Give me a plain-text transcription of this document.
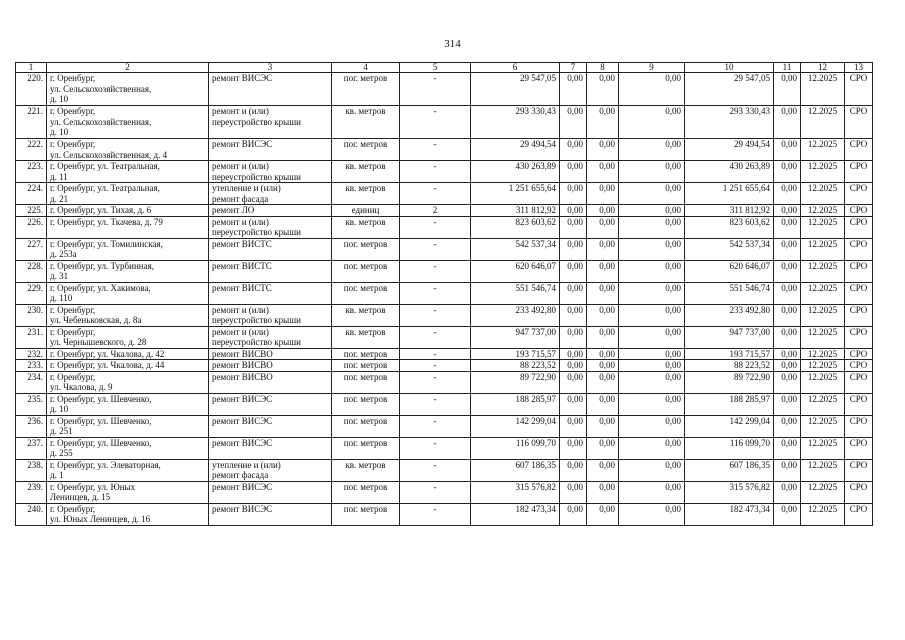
314
1	2	3	4	5	6	7	8	9	10	11	12	13
220.	г. Оренбург,
ул. Сельскохозяйственная,
д. 10	ремонт ВИСЭС	пог. метров	-	29 547,05	0,00	0,00	0,00	29 547,05	0,00	12.2025	СРО
221.	г. Оренбург,
ул. Сельскохозяйственная,
д. 10	ремонт и (или)
переустройство крыши	кв. метров	-	293 330,43	0,00	0,00	0,00	293 330,43	0,00	12.2025	СРО
222.	г. Оренбург,
ул. Сельскохозяйственная, д. 4	ремонт ВИСЭС	пог. метров	-	29 494,54	0,00	0,00	0,00	29 494,54	0,00	12.2025	СРО
223.	г. Оренбург, ул. Театральная,
д. 11	ремонт и (или)
переустройство крыши	кв. метров	-	430 263,89	0,00	0,00	0,00	430 263,89	0,00	12.2025	СРО
224.	г. Оренбург, ул. Театральная,
д. 21	утепление и (или)
ремонт фасада	кв. метров	-	1 251 655,64	0,00	0,00	0,00	1 251 655,64	0,00	12.2025	СРО
225.	г. Оренбург, ул. Тихая, д. 6	ремонт ЛО	единиц	2	311 812,92	0,00	0,00	0,00	311 812,92	0,00	12.2025	СРО
226.	г. Оренбург, ул. Ткачева, д. 79	ремонт и (или)
переустройство крыши	кв. метров	-	823 603,62	0,00	0,00	0,00	823 603,62	0,00	12.2025	СРО
227.	г. Оренбург, ул. Томилинская,
д. 253а	ремонт ВИСТС	пог. метров	-	542 537,34	0,00	0,00	0,00	542 537,34	0,00	12.2025	СРО
228.	г. Оренбург, ул. Турбинная,
д. 31	ремонт ВИСТС	пог. метров	-	620 646,07	0,00	0,00	0,00	620 646,07	0,00	12.2025	СРО
229.	г. Оренбург, ул. Хакимова,
д. 110	ремонт ВИСТС	пог. метров	-	551 546,74	0,00	0,00	0,00	551 546,74	0,00	12.2025	СРО
230.	г. Оренбург,
ул. Чебеньковская, д. 8а	ремонт и (или)
переустройство крыши	кв. метров	-	233 492,80	0,00	0,00	0,00	233 492,80	0,00	12.2025	СРО
231.	г. Оренбург,
ул. Чернышевского, д. 28	ремонт и (или)
переустройство крыши	кв. метров	-	947 737,00	0,00	0,00	0,00	947 737,00	0,00	12.2025	СРО
232.	г. Оренбург, ул. Чкалова, д. 42	ремонт ВИСВО	пог. метров	-	193 715,57	0,00	0,00	0,00	193 715,57	0,00	12.2025	СРО
233.	г. Оренбург, ул. Чкалова, д. 44	ремонт ВИСВО	пог. метров	-	88 223,52	0,00	0,00	0,00	88 223,52	0,00	12.2025	СРО
234.	г. Оренбург,
ул. Чкалова, д. 9	ремонт ВИСВО	пог. метров	-	89 722,90	0,00	0,00	0,00	89 722,90	0,00	12.2025	СРО
235.	г. Оренбург, ул. Шевченко,
д. 10	ремонт ВИСЭС	пог. метров	-	188 285,97	0,00	0,00	0,00	188 285,97	0,00	12.2025	СРО
236.	г. Оренбург, ул. Шевченко,
д. 251	ремонт ВИСЭС	пог. метров	-	142 299,04	0,00	0,00	0,00	142 299,04	0,00	12.2025	СРО
237.	г. Оренбург, ул. Шевченко,
д. 255	ремонт ВИСЭС	пог. метров	-	116 099,70	0,00	0,00	0,00	116 099,70	0,00	12.2025	СРО
238.	г. Оренбург, ул. Элеваторная,
д. 1	утепление и (или)
ремонт фасада	кв. метров	-	607 186,35	0,00	0,00	0,00	607 186,35	0,00	12.2025	СРО
239.	г. Оренбург, ул. Юных
Ленинцев, д. 15	ремонт ВИСЭС	пог. метров	-	315 576,82	0,00	0,00	0,00	315 576,82	0,00	12.2025	СРО
240.	г. Оренбург,
ул. Юных Ленинцев, д. 16	ремонт ВИСЭС	пог. метров	-	182 473,34	0,00	0,00	0,00	182 473,34	0,00	12.2025	СРО
